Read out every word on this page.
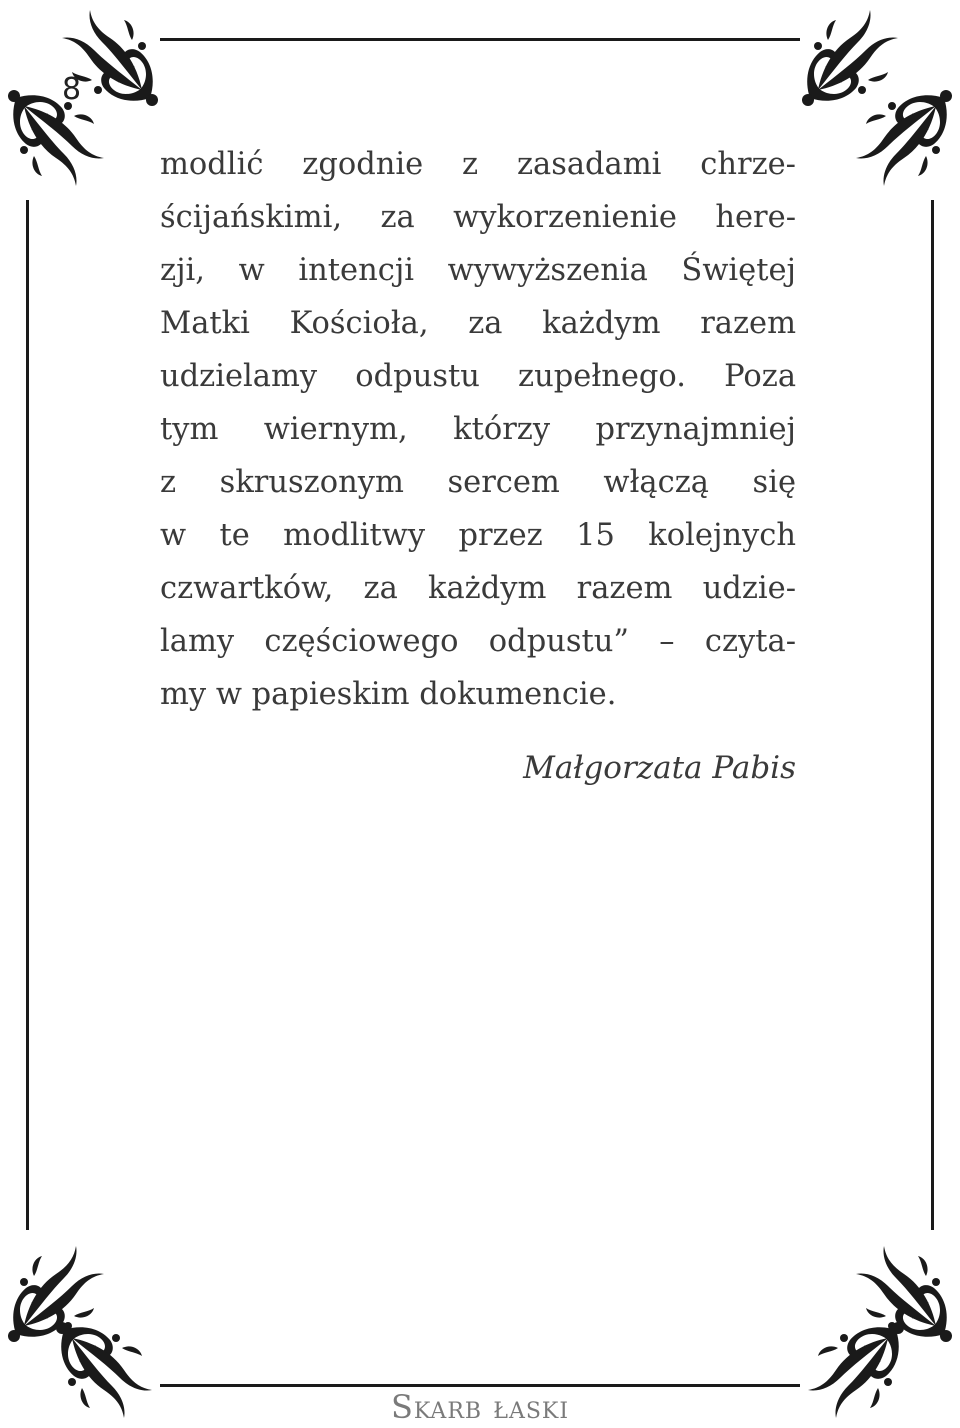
8
modlić zgodnie z zasadami chrze-
ścijańskimi, za wykorzenienie here-
zji, w intencji wywyższenia Świętej
Matki Kościoła, za każdym razem
udzielamy odpustu zupełnego. Poza
tym wiernym, którzy przynajmniej
z skruszonym sercem włączą się
w te modlitwy przez 15 kolejnych
czwartków, za każdym razem udzie-
lamy częściowego odpustu” – czyta-
my w papieskim dokumencie.
Małgorzata Pabis
Skarb łaski
